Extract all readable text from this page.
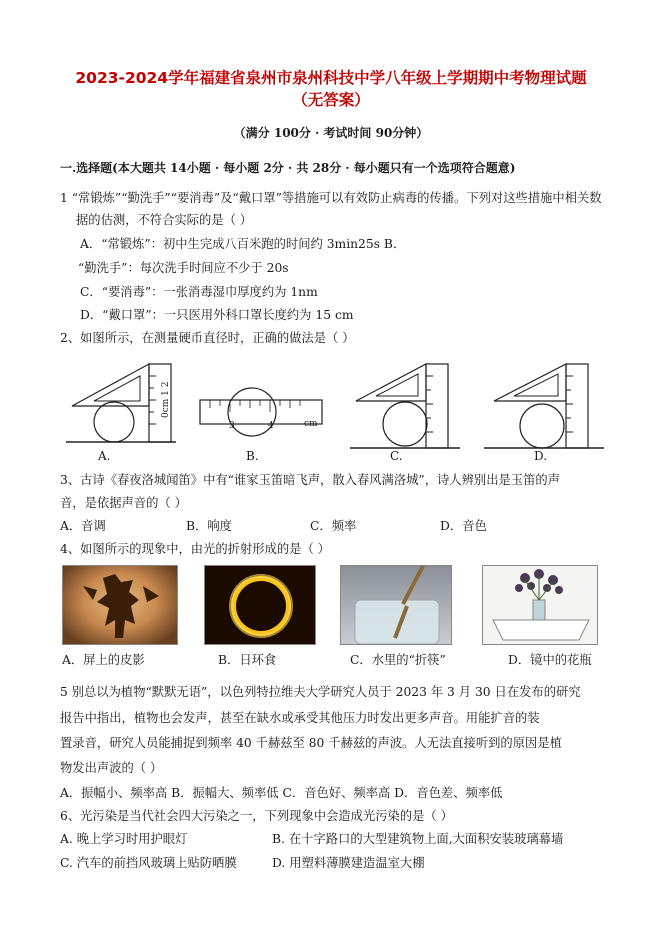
2023-2024学年福建省泉州市泉州科技中学八年级上学期期中考物理试题
（无答案）
（满分 100分 · 考试时间 90分钟）
一.选择题(本大题共 14小题 · 每小题 2分 · 共 28分 · 每小题只有一个选项符合题意)
1 “常锻炼”“勤洗手”“要消毒”及“戴口罩”等措施可以有效防止病毒的传播。下列对这些措施中相关数
据的估测，不符合实际的是（ ）
A．“常锻炼”：初中生完成八百米跑的时间约 3min25s B．
“勤洗手”：每次洗手时间应不少于 20s
C．“要消毒”：一张消毒湿巾厚度约为 1nm
D．“戴口罩”：一只医用外科口罩长度约为 15 cm
2、如图所示，在测量硬币直径时，正确的做法是（ ）
0cm 1 2
A.
3	4	cm
B.	C.	D.
3、古诗《春夜洛城闻笛》中有“谁家玉笛暗飞声，散入春风满洛城”，诗人辨别出是玉笛的声
音，是依据声音的（ ）
A．音调	B．响度	C．频率	D．音色
4、如图所示的现象中，由光的折射形成的是（ ）
A．屏上的皮影	B．日环食	C．水里的“折筷”	D．镜中的花瓶
5 别总以为植物“默默无语”，以色列特拉维夫大学研究人员于 2023 年 3 月 30 日在发布的研究
报告中指出，植物也会发声，甚至在缺水或承受其他压力时发出更多声音。用能扩音的装
置录音，研究人员能捕捉到频率 40 千赫兹至 80 千赫兹的声波。人无法直接听到的原因是植
物发出声波的（ ）
A．振幅小、频率高 B．振幅大、频率低 C．音色好、频率高 D．音色差、频率低
6、光污染是当代社会四大污染之一，下列现象中会造成光污染的是（ ）
A. 晚上学习时用护眼灯	B. 在十字路口的大型建筑物上面,大面积安装玻璃幕墙
C. 汽车的前挡风玻璃上贴防晒膜	D. 用塑料薄膜建造温室大棚
